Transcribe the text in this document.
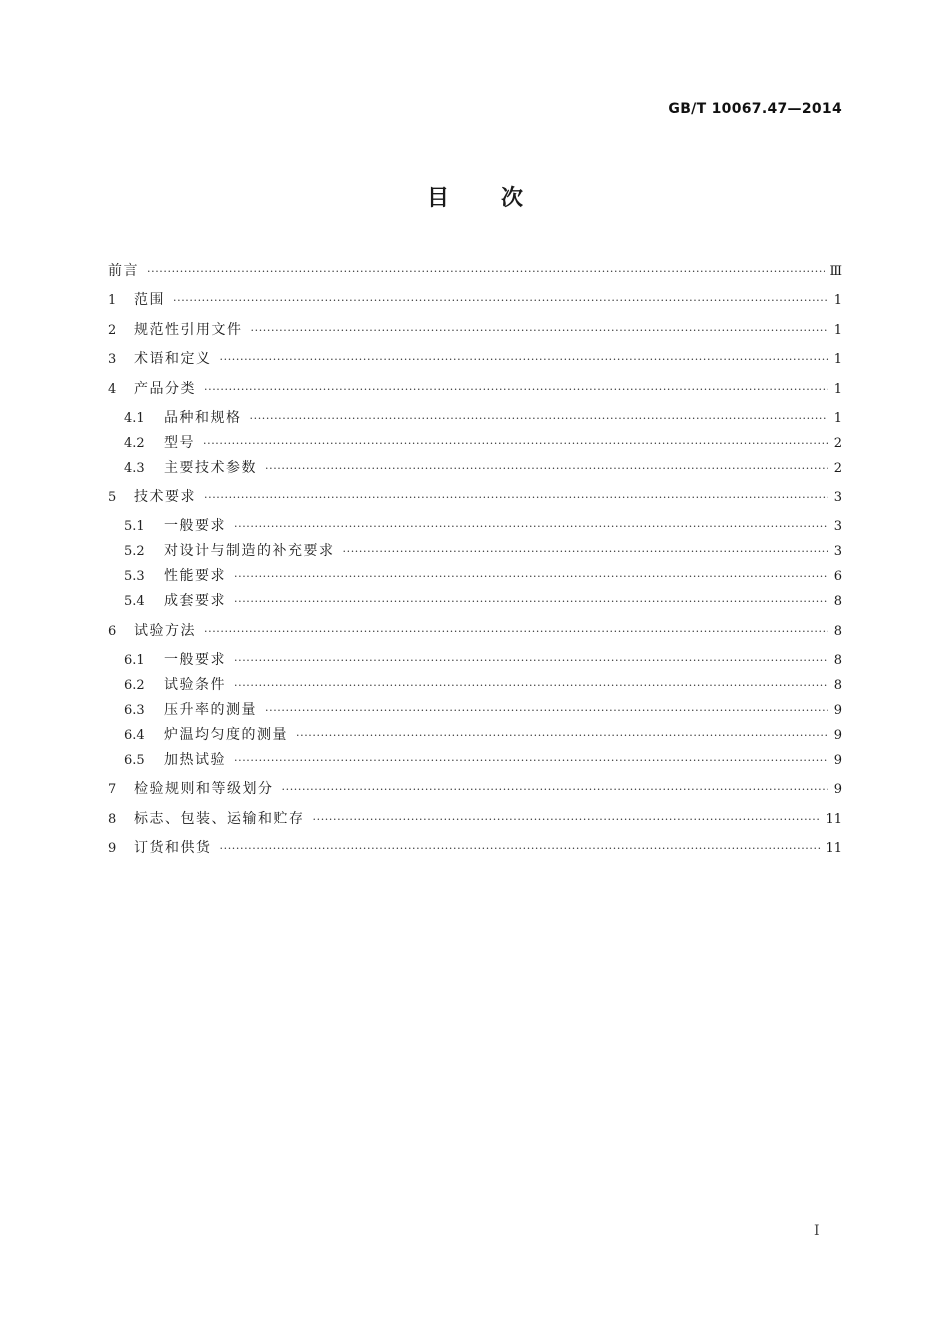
GB/T 10067.47—2014
目次
前言 ·····	Ⅲ
1	范围 ·····	1
2	规范性引用文件 ·····	1
3	术语和定义 ·····	1
4	产品分类 ·····	1
4.1	品种和规格 ·····	1
4.2	型号 ·····	2
4.3	主要技术参数 ·····	2
5	技术要求 ·····	3
5.1	一般要求 ·····	3
5.2	对设计与制造的补充要求 ·····	3
5.3	性能要求 ·····	6
5.4	成套要求 ·····	8
6	试验方法 ·····	8
6.1	一般要求 ·····	8
6.2	试验条件 ·····	8
6.3	压升率的测量 ·····	9
6.4	炉温均匀度的测量 ·····	9
6.5	加热试验 ·····	9
7	检验规则和等级划分 ·····	9
8	标志、包装、运输和贮存 ·····	11
9	订货和供货 ·····	11
Ⅰ
